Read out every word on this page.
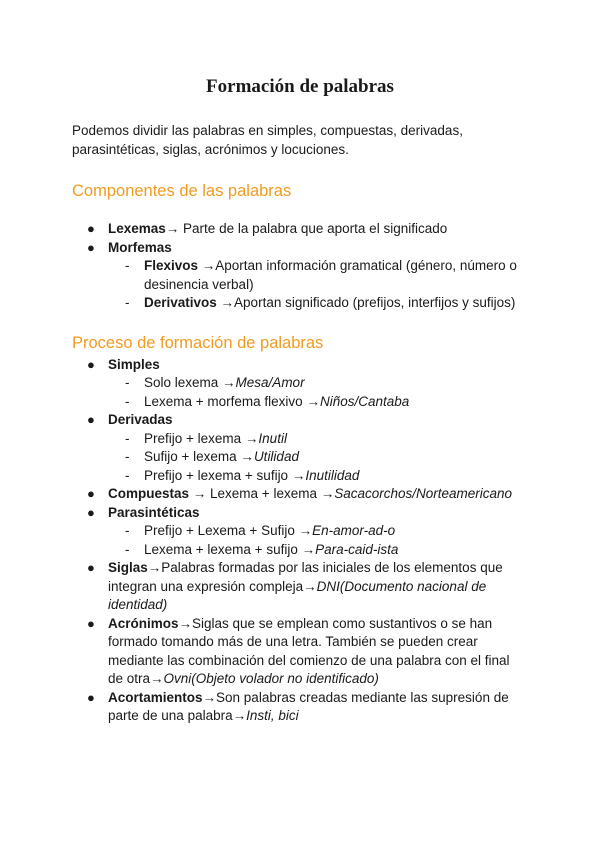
Formación de palabras

Podemos dividir las palabras en simples, compuestas, derivadas, parasintéticas, siglas, acrónimos y locuciones.

Componentes de las palabras
● Lexemas→ Parte de la palabra que aporta el significado
● Morfemas
- Flexivos →Aportan información gramatical (género, número o desinencia verbal)
- Derivativos →Aportan significado (prefijos, interfijos y sufijos)
Proceso de formación de palabras
● Simples
- Solo lexema →Mesa/Amor
- Lexema + morfema flexivo →Niños/Cantaba
● Derivadas
- Prefijo + lexema →Inutil
- Sufijo + lexema →Utilidad
- Prefijo + lexema + sufijo →Inutilidad
● Compuestas → Lexema + lexema →Sacacorchos/Norteamericano
● Parasintéticas
- Prefijo + Lexema + Sufijo →En-amor-ad-o
- Lexema + lexema + sufijo →Para-caid-ista
● Siglas→Palabras formadas por las iniciales de los elementos que integran una expresión compleja→DNI(Documento nacional de identidad)
● Acrónimos→Siglas que se emplean como sustantivos o se han formado tomando más de una letra. También se pueden crear mediante las combinación del comienzo de una palabra con el final de otra→Ovni(Objeto volador no identificado)
● Acortamientos→Son palabras creadas mediante las supresión de parte de una palabra→Insti, bici
